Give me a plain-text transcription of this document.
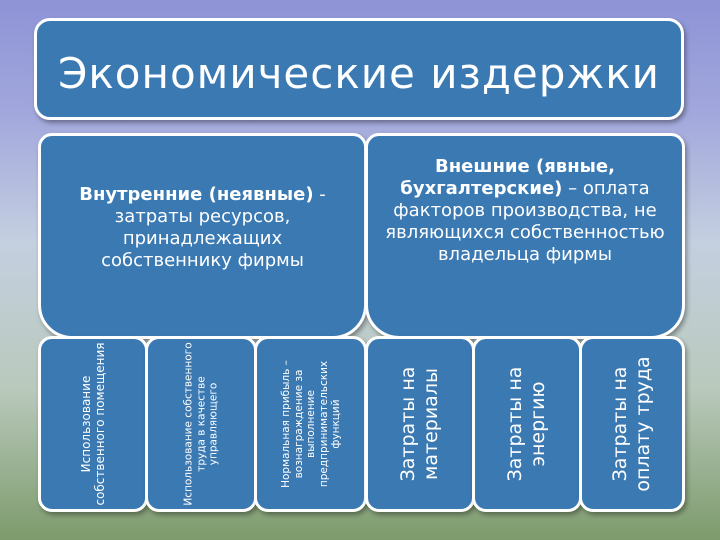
Экономические издержки
Внутренние (неявные) - затраты ресурсов, принадлежащих собственнику фирмы
Внешние (явные, бухгалтерские) – оплата факторов производства, не являющихся собственностью владельца фирмы
Использование собственного помещения	Использование собственного труда в качестве управляющего	Нормальная прибыль – вознаграждение за выполнение предпринимательских функций	Затраты на материалы	Затраты на энергию	Затраты на оплату труда
